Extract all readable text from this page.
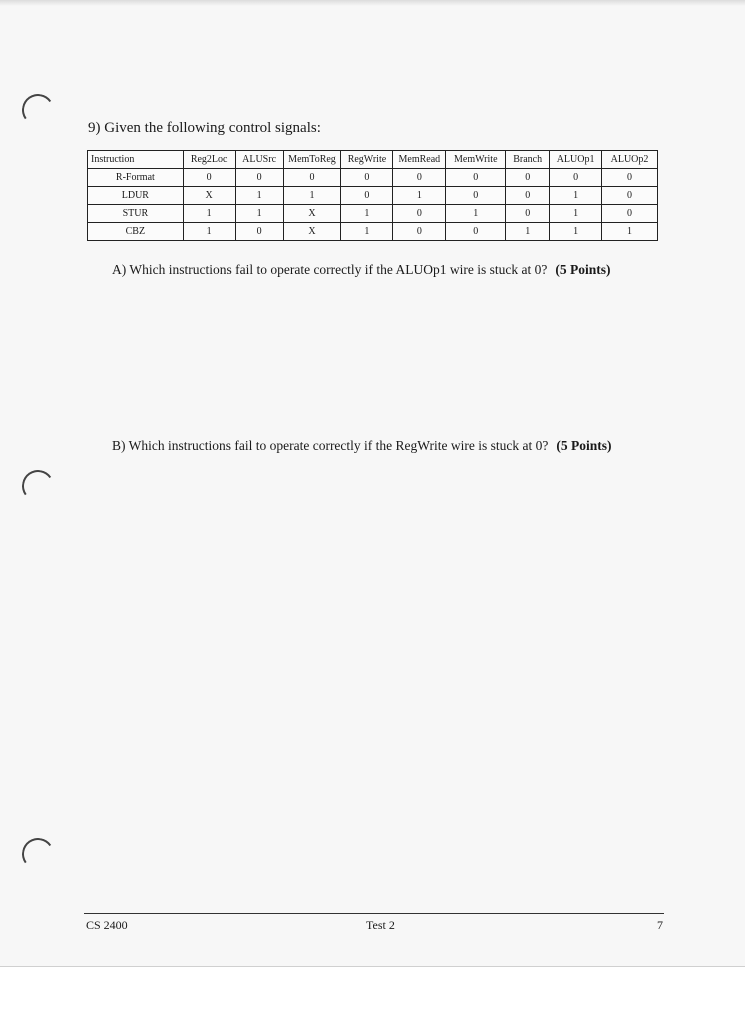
9) Given the following control signals:

Instruction	Reg2Loc	ALUSrc	MemToReg	RegWrite	MemRead	MemWrite	Branch	ALUOp1	ALUOp2
R-Format	0	0	0	0	0	0	0	0	0
LDUR	X	1	1	0	1	0	0	1	0
STUR	1	1	X	1	0	1	0	1	0
CBZ	1	0	X	1	0	0	1	1	1

A) Which instructions fail to operate correctly if the ALUOp1 wire is stuck at 0? (5 Points)

B) Which instructions fail to operate correctly if the RegWrite wire is stuck at 0? (5 Points)

CS 2400	Test 2	7
